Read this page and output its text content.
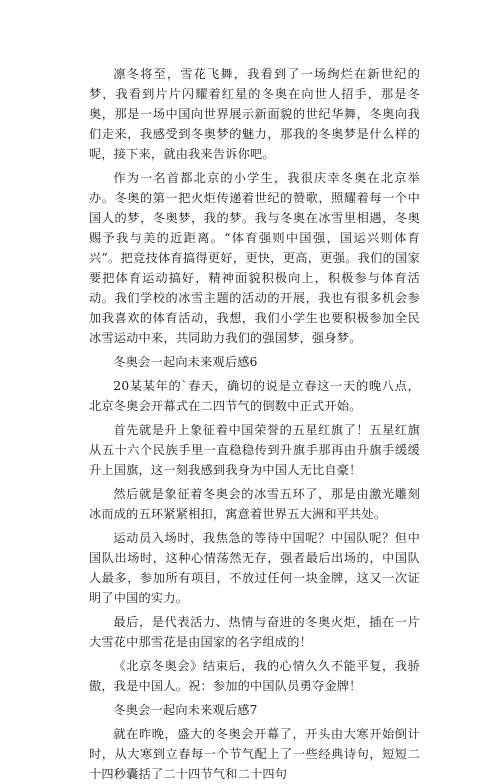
凛冬将至，雪花飞舞，我看到了一场绚烂在新世纪的梦，我看到片片闪耀着红星的冬奥在向世人招手，那是冬奥，那是一场中国向世界展示新面貌的世纪华舞，冬奥向我们走来，我感受到冬奥梦的魅力，那我的冬奥梦是什么样的呢，接下来，就由我来告诉你吧。

作为一名首都北京的小学生，我很庆幸冬奥在北京举办。冬奥的第一把火炬传递着世纪的赞歌，照耀着每一个中国人的梦，冬奥梦，我的梦。我与冬奥在冰雪里相遇，冬奥赐予我与美的近距离。“体育强则中国强，国运兴则体育兴”。把竞技体育搞得更好，更快，更高，更强。我们的国家要把体育运动搞好，精神面貌积极向上，积极参与体育活动。我们学校的冰雪主题的活动的开展，我也有很多机会参加我喜欢的体育活动，我想，我们小学生也要积极参加全民冰雪运动中来，共同助力我们的强国梦，强身梦。

冬奥会一起向未来观后感6

20某某年的`春天，确切的说是立春这一天的晚八点，北京冬奥会开幕式在二四节气的倒数中正式开始。

首先就是升上象征着中国荣誉的五星红旗了！五星红旗从五十六个民族手里一直稳稳传到升旗手那再由升旗手缓缓升上国旗，这一刻我感到我身为中国人无比自豪！

然后就是象征着冬奥会的冰雪五环了，那是由激光雕刻冰而成的五环紧紧相扣，寓意着世界五大洲和平共处。

运动员入场时，我焦急的等待中国呢？中国队呢？但中国队出场时，这种心情荡然无存，强者最后出场的，中国队人最多，参加所有项目，不放过任何一块金牌，这又一次证明了中国的实力。

最后，是代表活力、热情与奋进的冬奥火炬，插在一片大雪花中那雪花是由国家的名字组成的！

《北京冬奥会》结束后，我的心情久久不能平复，我骄傲，我是中国人。祝：参加的中国队员勇夺金牌！

冬奥会一起向未来观后感7

就在昨晚，盛大的冬奥会开幕了，开头由大寒开始倒计时，从大寒到立春每一个节气配上了一些经典诗句，短短二十四秒囊括了二十四节气和二十四句
